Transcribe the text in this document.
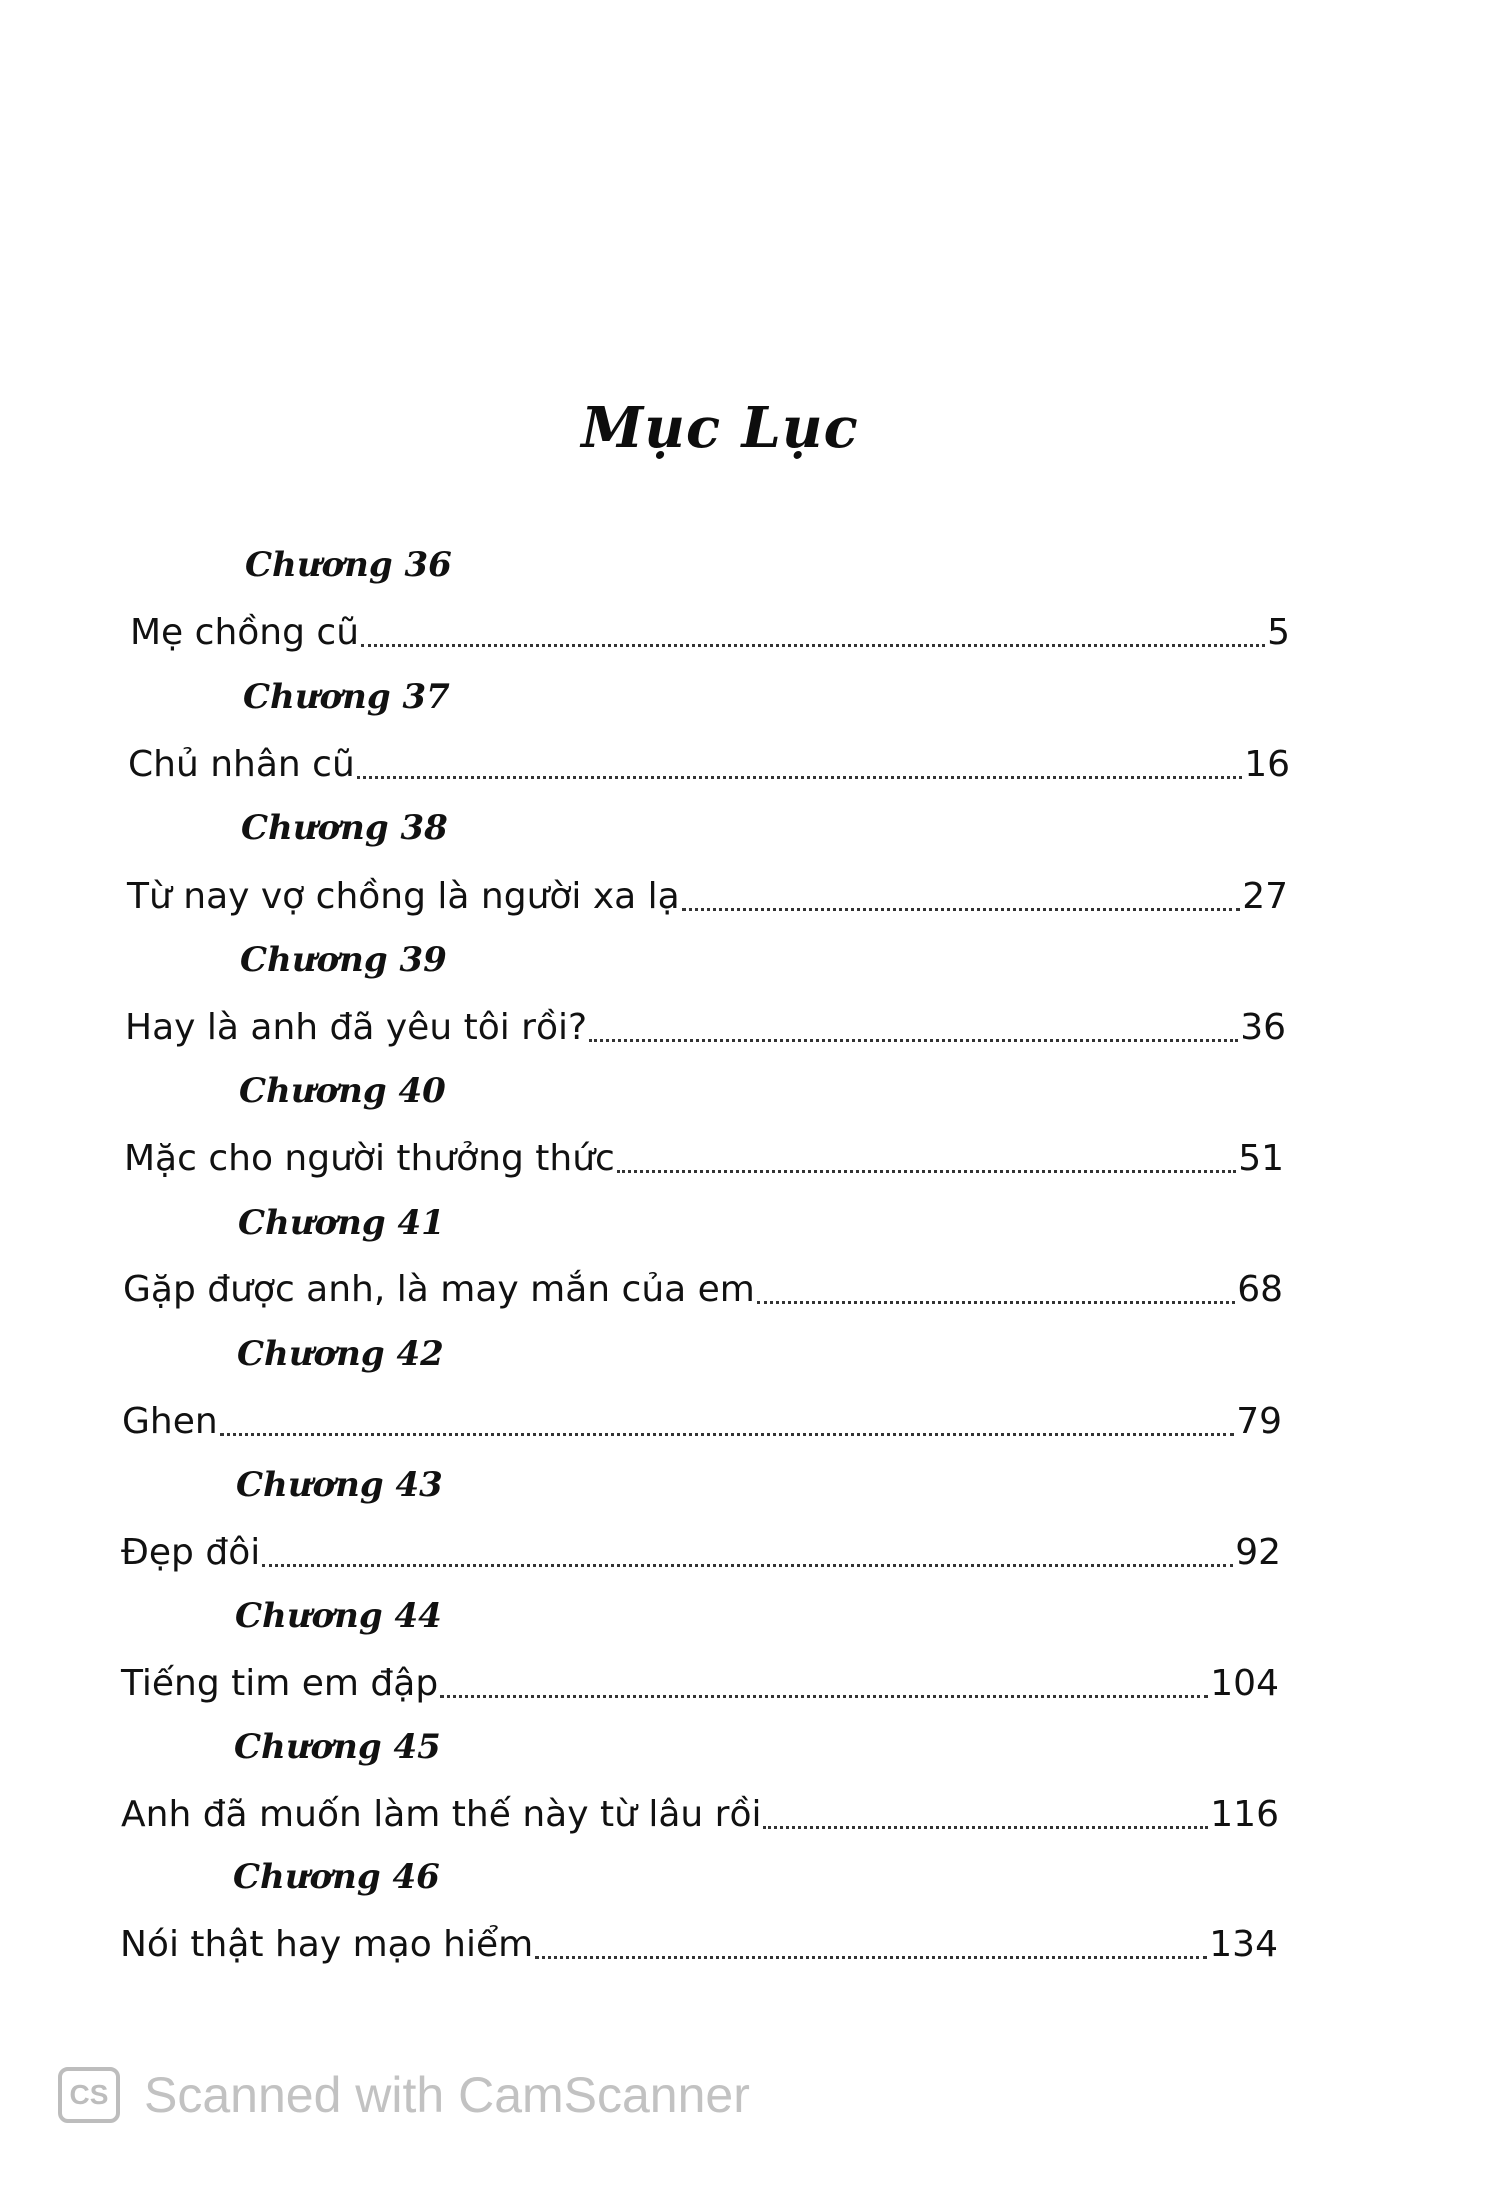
Mục Lục
Chương 36
Mẹ chồng cũ	5
Chương 37
Chủ nhân cũ	16
Chương 38
Từ nay vợ chồng là người xa lạ	27
Chương 39
Hay là anh đã yêu tôi rồi?	36
Chương 40
Mặc cho người thưởng thức	51
Chương 41
Gặp được anh, là may mắn của em	68
Chương 42
Ghen	79
Chương 43
Đẹp đôi	92
Chương 44
Tiếng tim em đập	104
Chương 45
Anh đã muốn làm thế này từ lâu rồi	116
Chương 46
Nói thật hay mạo hiểm	134
CS Scanned with CamScanner
